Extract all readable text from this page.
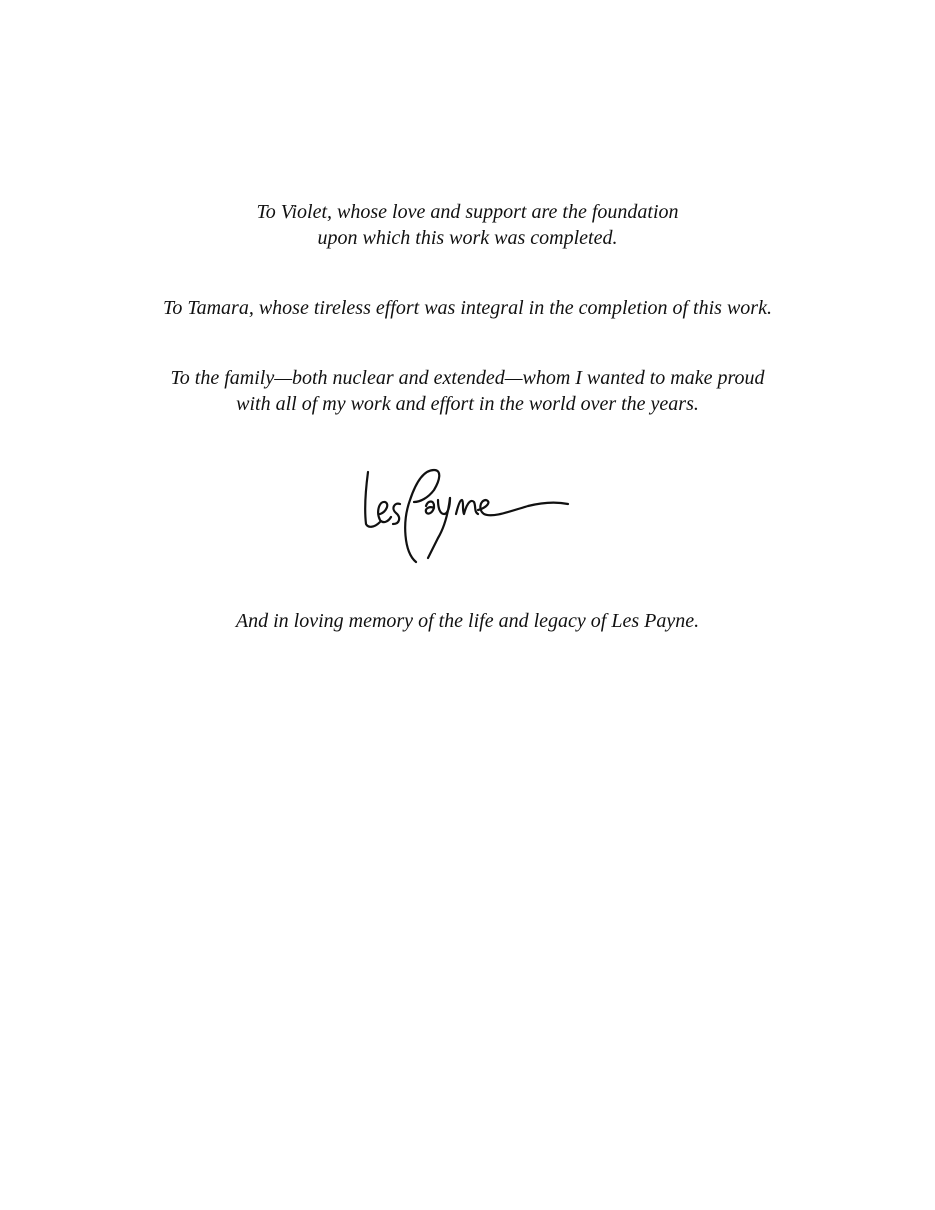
To Violet, whose love and support are the foundation
upon which this work was completed.

To Tamara, whose tireless effort was integral in the completion of this work.

To the family—both nuclear and extended—whom I wanted to make proud
with all of my work and effort in the world over the years.

And in loving memory of the life and legacy of Les Payne.
